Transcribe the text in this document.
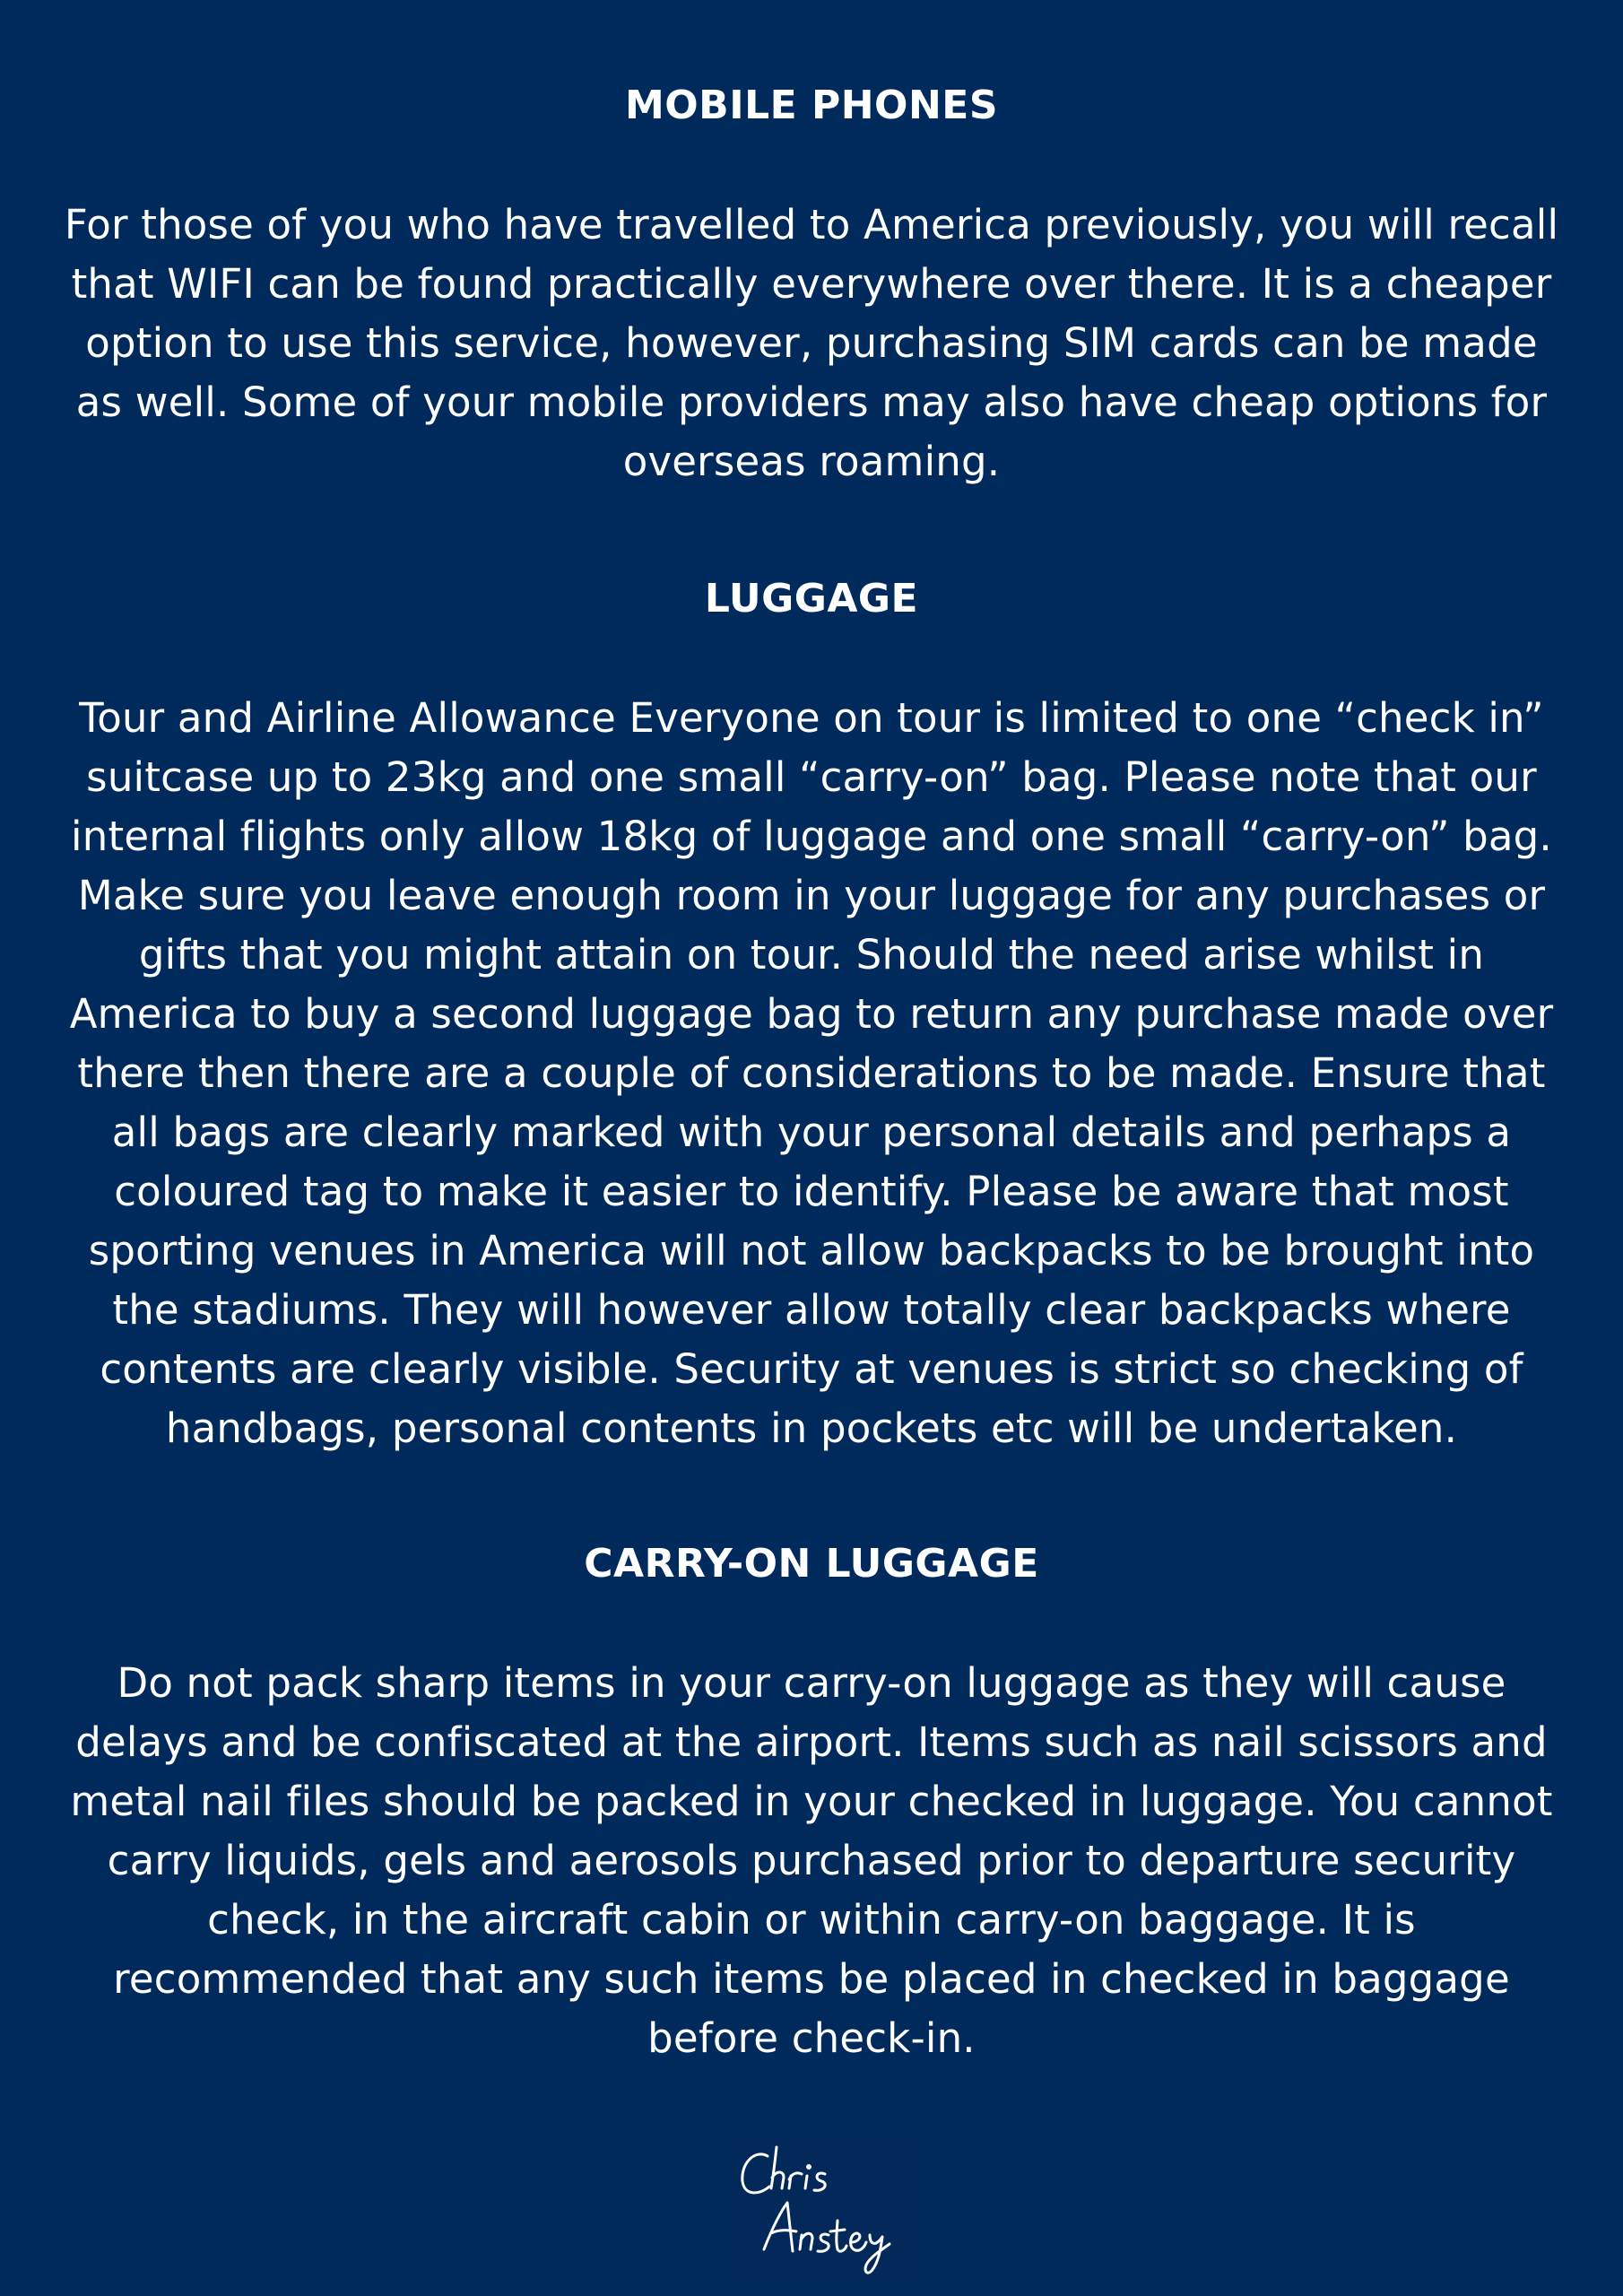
MOBILE PHONES

For those of you who have travelled to America previously, you will recall that WIFI can be found practically everywhere over there. It is a cheaper option to use this service, however, purchasing SIM cards can be made as well. Some of your mobile providers may also have cheap options for overseas roaming.

LUGGAGE

Tour and Airline Allowance Everyone on tour is limited to one “check in” suitcase up to 23kg and one small “carry-on” bag. Please note that our internal flights only allow 18kg of luggage and one small “carry-on” bag. Make sure you leave enough room in your luggage for any purchases or gifts that you might attain on tour. Should the need arise whilst in America to buy a second luggage bag to return any purchase made over there then there are a couple of considerations to be made. Ensure that all bags are clearly marked with your personal details and perhaps a coloured tag to make it easier to identify. Please be aware that most sporting venues in America will not allow backpacks to be brought into the stadiums. They will however allow totally clear backpacks where contents are clearly visible. Security at venues is strict so checking of handbags, personal contents in pockets etc will be undertaken.

CARRY-ON LUGGAGE

Do not pack sharp items in your carry-on luggage as they will cause delays and be confiscated at the airport. Items such as nail scissors and metal nail files should be packed in your checked in luggage. You cannot carry liquids, gels and aerosols purchased prior to departure security check, in the aircraft cabin or within carry-on baggage. It is recommended that any such items be placed in checked in baggage before check-in.
